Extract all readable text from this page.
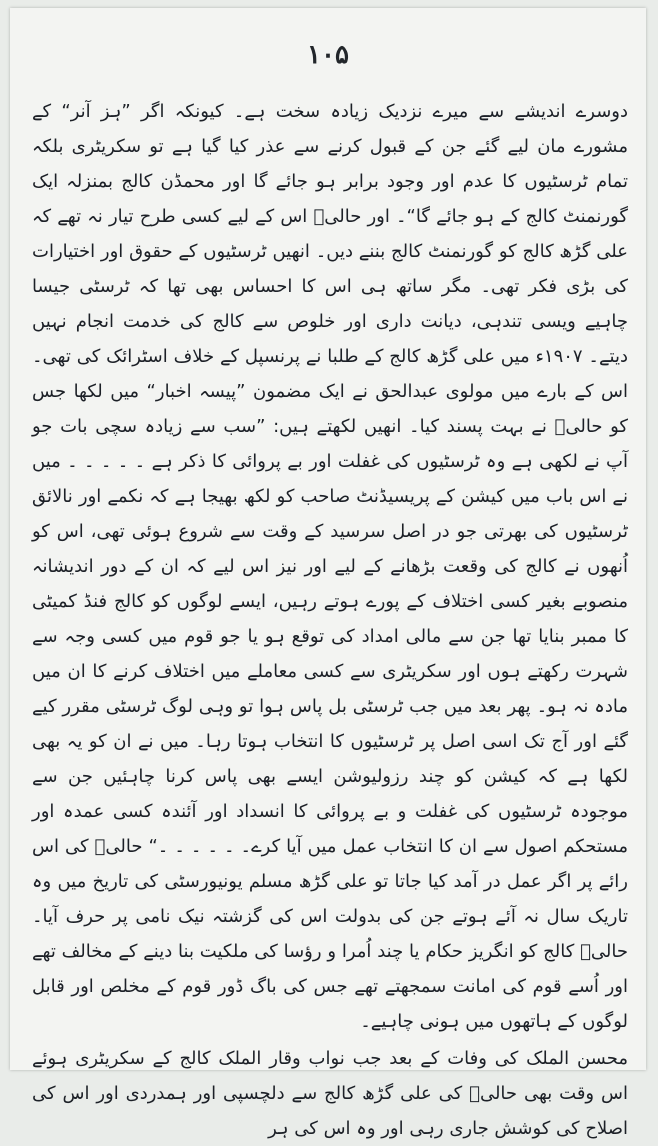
۱۰۵

دوسرے اندیشے سے میرے نزدیک زیادہ سخت ہے۔ کیونکہ اگر ”ہز آنر“ کے مشورے مان لیے گئے جن کے قبول کرنے سے عذر کیا گیا ہے تو سکریٹری بلکہ تمام ٹرسٹیوں کا عدم اور وجود برابر ہو جائے گا اور محمڈن کالج بمنزلہ ایک گورنمنٹ کالج کے ہو جائے گا“۔ اور حالیؔ اس کے لیے کسی طرح تیار نہ تھے کہ علی گڑھ کالج کو گورنمنٹ کالج بننے دیں۔ انھیں ٹرسٹیوں کے حقوق اور اختیارات کی بڑی فکر تھی۔ مگر ساتھ ہی اس کا احساس بھی تھا کہ ٹرسٹی جیسا چاہیے ویسی تندہی، دیانت داری اور خلوص سے کالج کی خدمت انجام نہیں دیتے۔ ۱۹۰۷ء میں علی گڑھ کالج کے طلبا نے پرنسپل کے خلاف اسٹرائک کی تھی۔ اس کے بارے میں مولوی عبدالحق نے ایک مضمون ”پیسہ اخبار“ میں لکھا جس کو حالیؔ نے بہت پسند کیا۔ انھیں لکھتے ہیں: ”سب سے زیادہ سچی بات جو آپ نے لکھی ہے وہ ٹرسٹیوں کی غفلت اور بے پروائی کا ذکر ہے ۔ ۔ ۔ ۔ ۔ میں نے اس باب میں کیشن کے پریسیڈنٹ صاحب کو لکھ بھیجا ہے کہ نکمے اور نالائق ٹرسٹیوں کی بھرتی جو در اصل سرسید کے وقت سے شروع ہوئی تھی، اس کو اُنھوں نے کالج کی وقعت بڑھانے کے لیے اور نیز اس لیے کہ ان کے دور اندیشانہ منصوبے بغیر کسی اختلاف کے پورے ہوتے رہیں، ایسے لوگوں کو کالج فنڈ کمیٹی کا ممبر بنایا تھا جن سے مالی امداد کی توقع ہو یا جو قوم میں کسی وجہ سے شہرت رکھتے ہوں اور سکریٹری سے کسی معاملے میں اختلاف کرنے کا ان میں مادہ نہ ہو۔ پھر بعد میں جب ٹرسٹی بل پاس ہوا تو وہی لوگ ٹرسٹی مقرر کیے گئے اور آج تک اسی اصل پر ٹرسٹیوں کا انتخاب ہوتا رہا۔ میں نے ان کو یہ بھی لکھا ہے کہ کیشن کو چند رزولیوشن ایسے بھی پاس کرنا چاہئیں جن سے موجودہ ٹرسٹیوں کی غفلت و بے پروائی کا انسداد اور آئندہ کسی عمدہ اور مستحکم اصول سے ان کا انتخاب عمل میں آیا کرے۔ ۔ ۔ ۔ ۔ ۔“ حالیؔ کی اس رائے پر اگر عمل در آمد کیا جاتا تو علی گڑھ مسلم یونیورسٹی کی تاریخ میں وہ تاریک سال نہ آئے ہوتے جن کی بدولت اس کی گزشتہ نیک نامی پر حرف آیا۔ حالیؔ کالج کو انگریز حکام یا چند اُمرا و رؤسا کی ملکیت بنا دینے کے مخالف تھے اور اُسے قوم کی امانت سمجھتے تھے جس کی باگ ڈور قوم کے مخلص اور قابل لوگوں کے ہاتھوں میں ہونی چاہیے۔

محسن الملک کی وفات کے بعد جب نواب وقار الملک کالج کے سکریٹری ہوئے اس وقت بھی حالیؔ کی علی گڑھ کالج سے دلچسپی اور ہمدردی اور اس کی اصلاح کی کوشش جاری رہی اور وہ اس کی ہر
